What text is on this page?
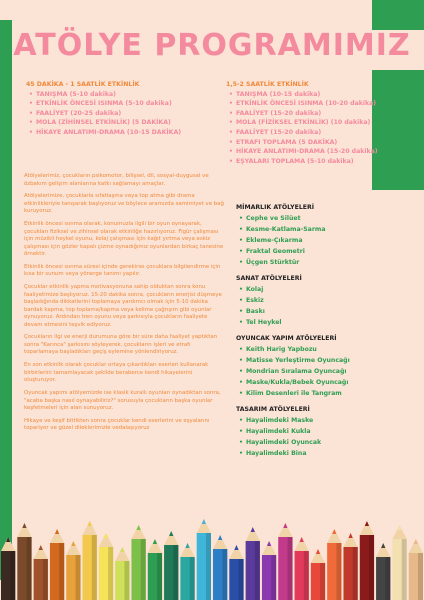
ATÖLYE PROGRAMIMIZ
45 DAKİKA - 1 SAATLİK ETKİNLİK
• TANIŞMA (5-10 dakika)
• ETKİNLİK ÖNCESİ ISINMA (5-10 dakika)
• FAALİYET (20-25 dakika)
• MOLA (ZİHİNSEL ETKİNLİK) (5 DAKİKA)
• HİKAYE ANLATIMI-DRAMA (10-15 DAKİKA)
1,5-2 SAATLİK ETKİNLİK
• TANIŞMA (10-15 dakika)
• ETKİNLİK ÖNCESİ ISINMA (10-20 dakika)
• FAALİYET (15-20 dakika)
• MOLA (FİZİKSEL ETKİNLİK) (10 dakika)
• FAALİYET (15-20 dakika)
• ETRAFI TOPLAMA (5 DAKİKA)
• HİKAYE ANLATIMI-DRAMA (15-20 dakika)
• EŞYALARI TOPLAMA (5-10 dakika)

Atölyelerimiz, çocukların psikomotor, bilişsel, dil, sosyal-duygusal ve özbakım gelişim alanlarına katkı sağlamayı amaçlar.

Atölyelerimize, çocuklarla sıfatlaşma veya top atma gibi drama etkinlikleriyle tanışarak başlıyoruz ve böylece aramızda samimiyet ve bağ kuruyoruz.

Etkinlik öncesi ısınma olarak, konumuzla ilgili bir oyun oynayarak, çocukları fiziksel ve zihinsel olarak etkinliğe hazırlıyoruz. Figür çalışması için müzikli heykel oyunu, kolaj çalışması için kağıt yırtma veya eskiz çalışması için gözler kapalı çizme oynadığımız oyunlardan birkaç tanesine örnektir.

Etkinlik öncesi ısınma süresi içinde gerekirse çocuklara bilgilendirme için kısa bir sunum veya yönerge tanımı yapılır.

Çocuklar etkinlik yapma motivasyonuna sahip olduktan sonra konu faaliyetimize başlıyoruz. 15-20 dakika sonra, çocukların enerjisi düşmeye başladığında dikkatlerini toplamaya yardımcı olmak için 5-10 dakika bardak kapma, top toplama/kapma veya kelime çağrışım gibi oyunlar oynuyoruz. Ardından tren oyunu veya şarkısıyla çocukların faaliyete devam etmesini teşvik ediyoruz.

Çocukların ilgi ve enerji durumuna göre bir süre daha faaliyet yaptıktan sonra "Karınca" şarkısını söyleyerek, çocukların işleri ve etrafı toparlamaya başladıkları geçiş eylemine yönlendiriyoruz.

En son etkinlik olarak çocuklar ortaya çıkardıkları eserleri kullanarak birbirlerini tamamlayacak şekilde beraberce kendi hikayelerini oluşturuyor.

Oyuncak yapımı atölyemizde ise klasik kurallı oyunları oynadıktan sonra, "acaba başka nasıl oynayabiliriz?" sorusuyla çocukların başka oyunlar keşfetmeleri için alan sunuyoruz.

Hikaye ve keşif bittikten sonra çocuklar kendi eserlerini ve eşyalarını topariyor ve güzel dileklerimizle vedalaşıyoruz

MİMARLIK ATÖLYELERİ
• Cephe ve Silüet
• Kesme-Katlama-Sarma
• Ekleme-Çıkarma
• Fraktal Geometri
• Üçgen Stürktür
SANAT ATÖLYELERİ
• Kolaj
• Eskiz
• Baskı
• Tel Heykel
OYUNCAK YAPIM ATÖLYELERİ
• Keith Harig Yapbozu
• Matisse Yerleştirme Oyuncağı
• Mondrian Sıralama Oyuncağı
• Maske/Kukla/Bebek Oyuncağı
• Kilim Desenleri ile Tangram
TASARIM ATÖLYELERİ
• Hayalimdeki Maske
• Hayalimdeki Kukla
• Hayalimdeki Oyuncak
• Hayalimdeki Bina
